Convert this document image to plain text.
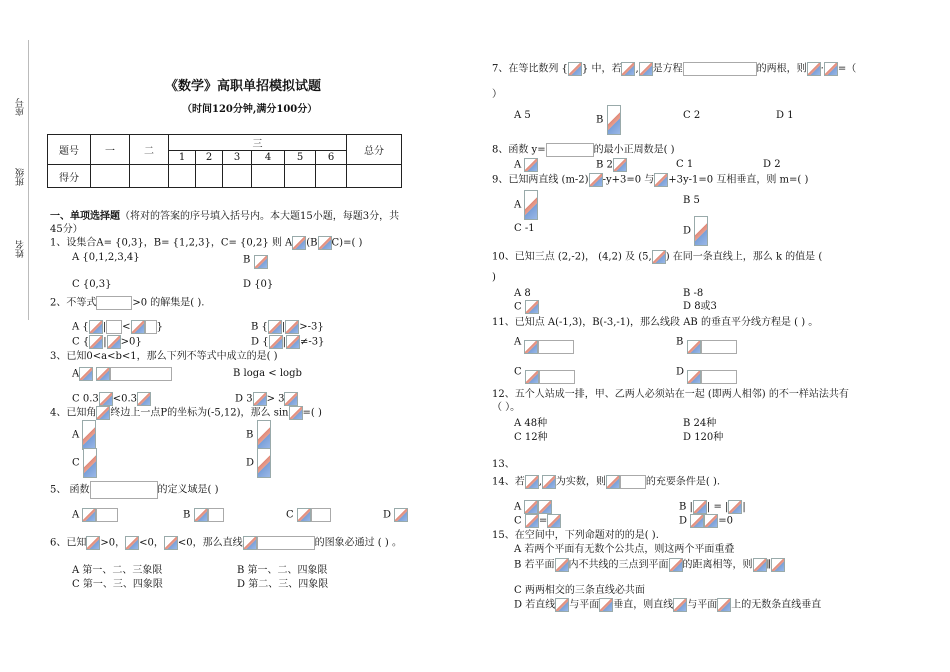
座号
班级
姓名
《数学》高职单招模拟试题
（时间120分钟,满分100分）
题号	一	二	三						总分
			1	2	3	4	5	6	
得分									
一、单项选择题（将对的答案的序号填入括号内。本大题15小题，每题3分，共
45分）
1、设集合A= {0,3}，B= {1,2,3}，C= {0,2} 则 A (B C)=( )
A {0,1,2,3,4}	B
C {0,3}	D {0}
2、不等式	>0 的解集是( ).
A { | <	}	B { | >-3}
C { | >0}	D { | ≠-3}
3、已知0<a<b<1，那么下列不等式中成立的是( )
A	B loga < logb
C 0.3 <0.3	D 3 > 3
4、已知角 终边上一点P的坐标为(-5,12)，那么 sin =( )
A	B
C	D
5、 函数	的定义域是( )
A	B	C	D
6、已知 >0， <0， <0，那么直线	的图象必通过 ( ) 。
A 第一、二、三象限	B 第一、二、四象限
C 第一、三、四象限	D 第二、三、四象限
7、在等比数列 { } 中，若 , 是方程	的两根，则 · =（
）
A 5	B	C 2	D 1
8、函数 y=	的最小正周数是( )
A	B 2	C 1	D 2
9、已知两直线 (m-2) -y+3=0 与 +3y-1=0 互相垂直，则 m=( )
A	B 5
C -1	D
10、已知三点 (2,-2)， (4,2) 及 (5, ) 在同一条直线上，那么 k 的值是 (
)
A 8	B -8
C	D 8或3
11、已知点 A(-1,3)，B(-3,-1)，那么线段 AB 的垂直平分线方程是 ( ) 。
A	B
C	D
12、五个人站成一排，甲、乙两人必须站在一起 (即两人相邻) 的不一样站法共有
（ ）。
A 48种	B 24种
C 12种	D 120种
13、
14、若 , 为实数，则	的充要条件是( ).
A	B | | = | |
C =	D	=0
15、在空间中，下列命题对的的是( ).
A 若两个平面有无数个公共点，则这两个平面重叠
B 若平面 内不共线的三点到平面 的距离相等，则 ∥
C 两两相交的三条直线必共面
D 若直线 与平面 垂直，则直线 与平面 上的无数条直线垂直
